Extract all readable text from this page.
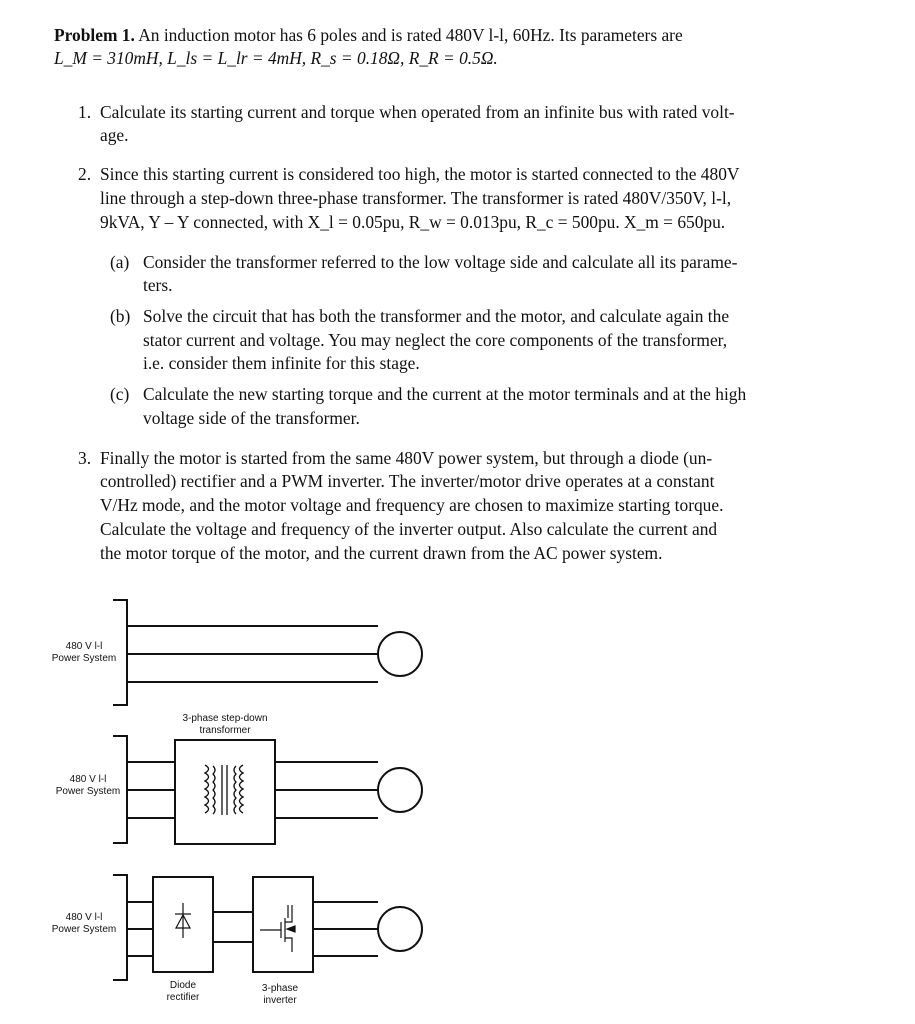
Problem 1. An induction motor has 6 poles and is rated 480V l-l, 60Hz. Its parameters are
L_M = 310mH, L_ls = L_lr = 4mH, R_s = 0.18Ω, R_R = 0.5Ω.
1. Calculate its starting current and torque when operated from an infinite bus with rated volt-
age.
2. Since this starting current is considered too high, the motor is started connected to the 480V
line through a step-down three-phase transformer. The transformer is rated 480V/350V, l-l,
9kVA, Y – Y connected, with X_l = 0.05pu, R_w = 0.013pu, R_c = 500pu. X_m = 650pu.
(a) Consider the transformer referred to the low voltage side and calculate all its parame-
ters.
(b) Solve the circuit that has both the transformer and the motor, and calculate again the
stator current and voltage. You may neglect the core components of the transformer,
i.e. consider them infinite for this stage.
(c) Calculate the new starting torque and the current at the motor terminals and at the high
voltage side of the transformer.
3. Finally the motor is started from the same 480V power system, but through a diode (un-
controlled) rectifier and a PWM inverter. The inverter/motor drive operates at a constant
V/Hz mode, and the motor voltage and frequency are chosen to maximize starting torque.
Calculate the voltage and frequency of the inverter output. Also calculate the current and
the motor torque of the motor, and the current drawn from the AC power system.
480 V l-l
Power System
480 V l-l
Power System
480 V l-l
Power System
3-phase step-down
transformer
Diode
rectifier
3-phase
inverter
